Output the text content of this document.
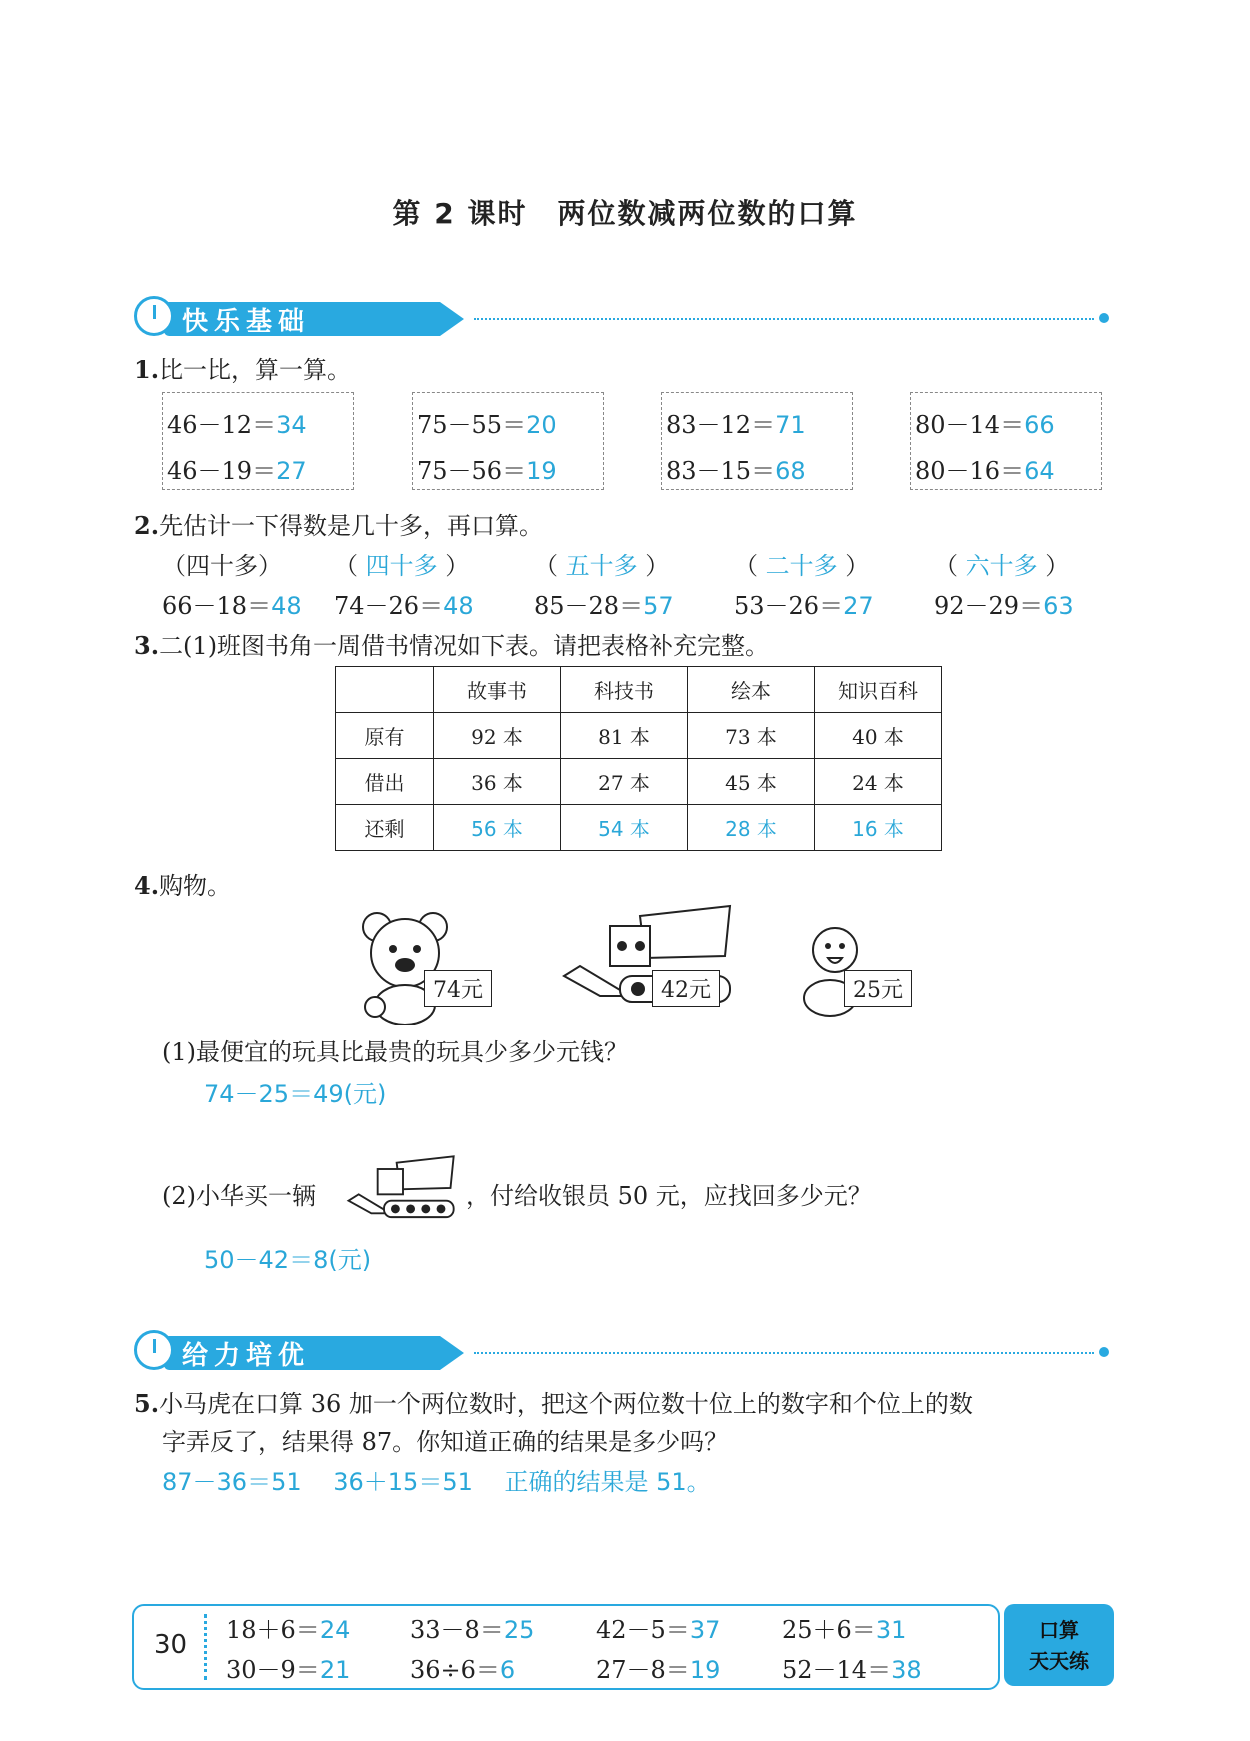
第 2 课时　两位数减两位数的口算
快乐基础
1.比一比，算一算。
46－12＝34
46－19＝27
75－55＝20
75－56＝19
83－12＝71
83－15＝68
80－14＝66
80－16＝64
2.先估计一下得数是几十多，再口算。
（四十多） （ 四十多 ）	（ 五十多 ）	（ 二十多 ）	（ 六十多 ）
66－18＝48 74－26＝48	85－28＝57	53－26＝27	92－29＝63
3.二(1)班图书角一周借书情况如下表。请把表格补充完整。
	故事书	科技书	绘本	知识百科
原有	92 本	81 本	73 本	40 本
借出	36 本	27 本	45 本	24 本
还剩	56 本	54 本	28 本	16 本
4.购物。
74元	42元	25元
(1)最便宜的玩具比最贵的玩具少多少元钱？
74－25＝49(元)
(2)小华买一辆	，付给收银员 50 元，应找回多少元？
50－42＝8(元)
给力培优
5.小马虎在口算 36 加一个两位数时，把这个两位数十位上的数字和个位上的数
字弄反了，结果得 87。你知道正确的结果是多少吗？
87－36＝51　 36＋15＝51　 正确的结果是 51。
30 18＋6＝24 33－8＝25	42－5＝37	25＋6＝31
30－9＝21 36÷6＝6	27－8＝19	52－14＝38
口算
天天练
